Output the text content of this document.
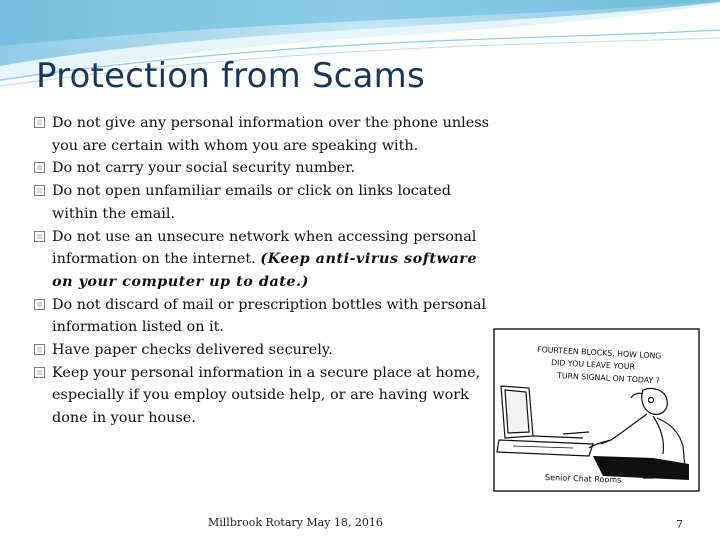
Protection from Scams
Do not give any personal information over the phone unless you are certain with whom you are speaking with.
Do not carry your social security number.
Do not open unfamiliar emails or click on links located within the email.
Do not use an unsecure network when accessing personal information on the internet. (Keep anti-virus software on your computer up to date.)
Do not discard of mail or prescription bottles with personal information listed on it.
Have paper checks delivered securely.
Keep your personal information in a secure place at home, especially if you employ outside help, or are having work done in your house.
FOURTEEN BLOCKS, HOW LONG
DID YOU LEAVE YOUR
TURN SIGNAL ON TODAY ?
Senior Chat Rooms
Millbrook Rotary May 18, 2016	7
